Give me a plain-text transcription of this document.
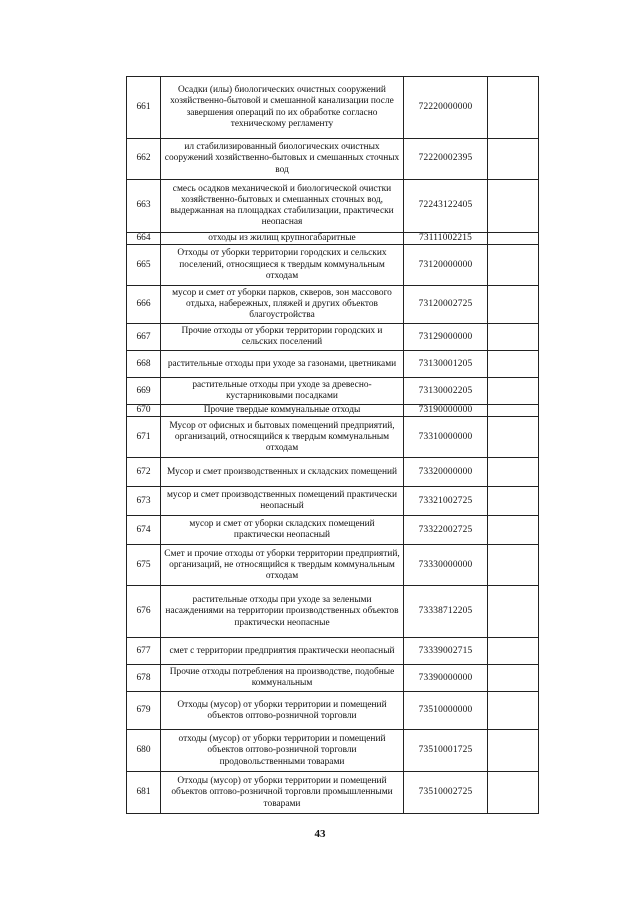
661	Осадки (илы) биологических очистных сооружений хозяйственно-бытовой и смешанной канализации после завершения операций по их обработке согласно техническому регламенту	72220000000	
662	ил стабилизированный биологических очистных сооружений хозяйственно-бытовых и смешанных сточных вод	72220002395	
663	смесь осадков механической и биологической очистки хозяйственно-бытовых и смешанных сточных вод, выдержанная на площадках стабилизации, практически неопасная	72243122405	
664	отходы из жилищ крупногабаритные	73111002215	
665	Отходы от уборки территории городских и сельских поселений, относящиеся к твердым коммунальным отходам	73120000000	
666	мусор и смет от уборки парков, скверов, зон массового отдыха, набережных, пляжей и других объектов благоустройства	73120002725	
667	Прочие отходы от уборки территории городских и сельских поселений	73129000000	
668	растительные отходы при уходе за газонами, цветниками	73130001205	
669	растительные отходы при уходе за древесно-кустарниковыми посадками	73130002205	
670	Прочие твердые коммунальные отходы	73190000000	
671	Мусор от офисных и бытовых помещений предприятий, организаций, относящийся к твердым коммунальным отходам	73310000000	
672	Мусор и смет производственных и складских помещений	73320000000	
673	мусор и смет производственных помещений практически неопасный	73321002725	
674	мусор и смет от уборки складских помещений практически неопасный	73322002725	
675	Смет и прочие отходы от уборки территории предприятий, организаций, не относящийся к твердым коммунальным отходам	73330000000	
676	растительные отходы при уходе за зелеными насаждениями на территории производственных объектов практически неопасные	73338712205	
677	смет с территории предприятия практически неопасный	73339002715	
678	Прочие отходы потребления на производстве, подобные коммунальным	73390000000	
679	Отходы (мусор) от уборки территории и помещений объектов оптово-розничной торговли	73510000000	
680	отходы (мусор) от уборки территории и помещений объектов оптово-розничной торговли продовольственными товарами	73510001725	
681	Отходы (мусор) от уборки территории и помещений объектов оптово-розничной торговли промышленными товарами	73510002725	
43
